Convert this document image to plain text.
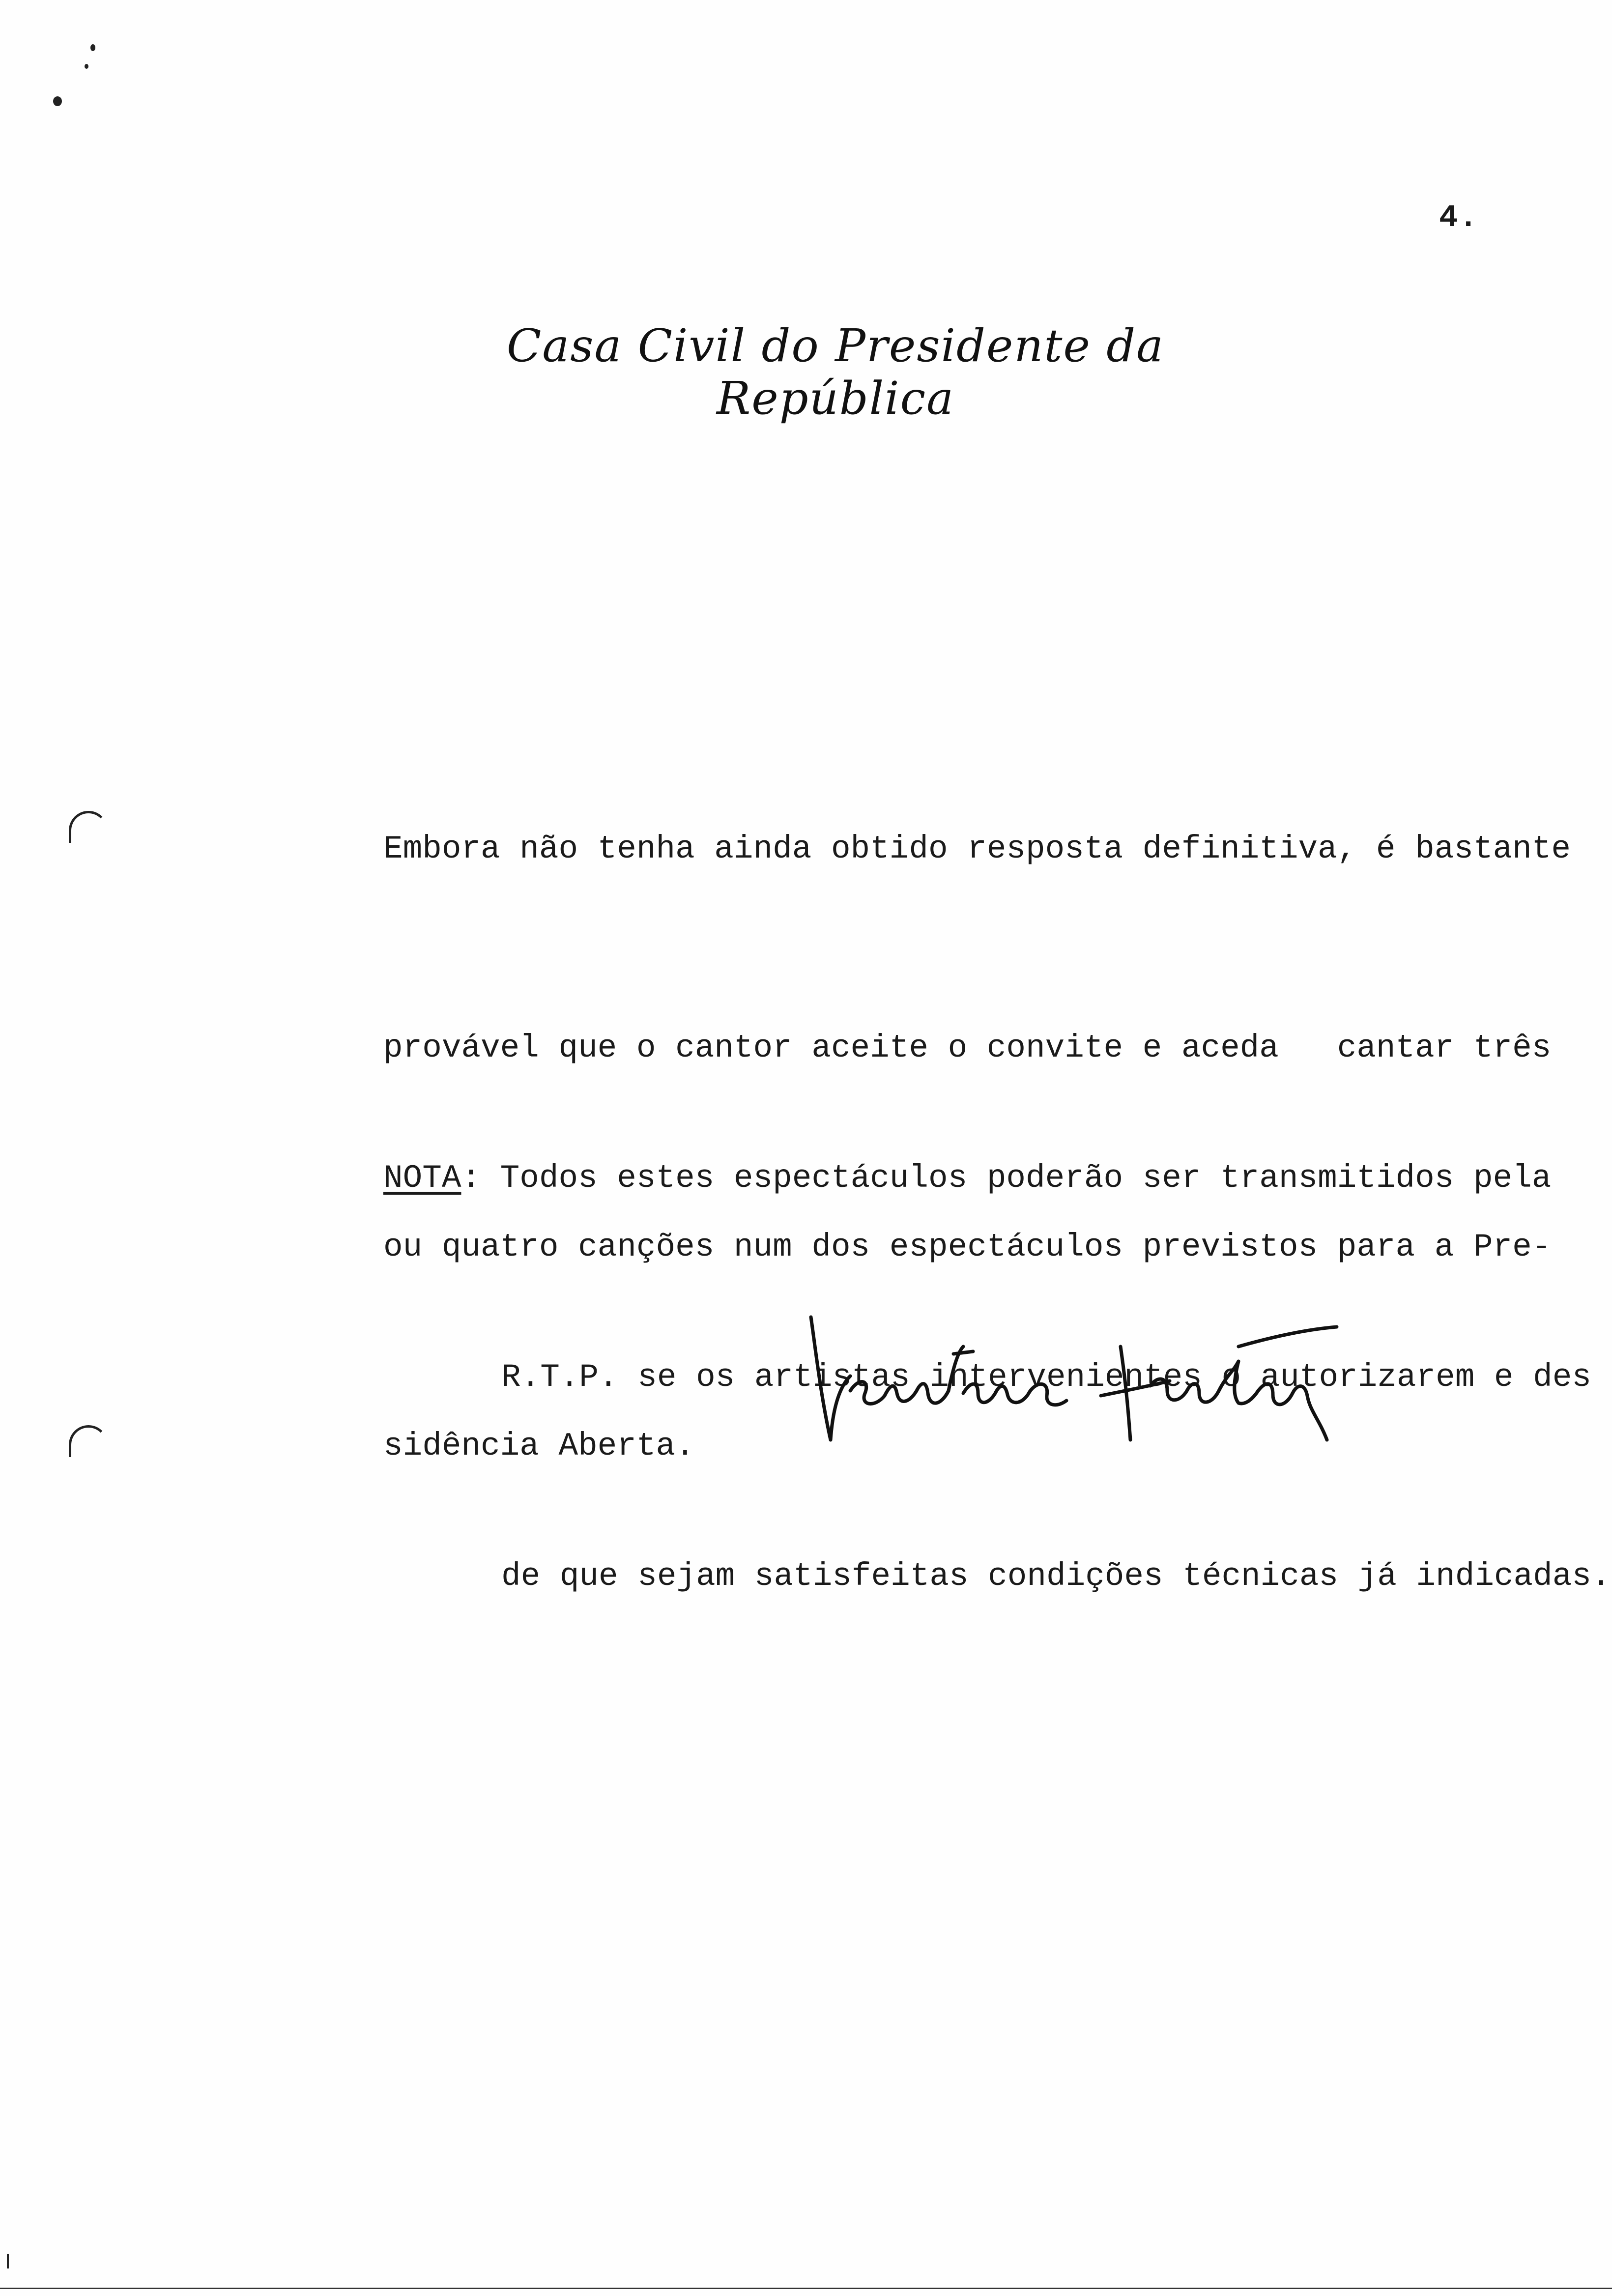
4.
Casa Civil do Presidente da República

Embora não tenha ainda obtido resposta definitiva, é bastante

provável que o cantor aceite o convite e aceda   cantar três

ou quatro canções num dos espectáculos previstos para a Pre-

sidência Aberta.

NOTA: Todos estes espectáculos poderão ser transmitidos pela

R.T.P. se os artistas intervenientes o autorizarem e des

de que sejam satisfeitas condições técnicas já indicadas.
